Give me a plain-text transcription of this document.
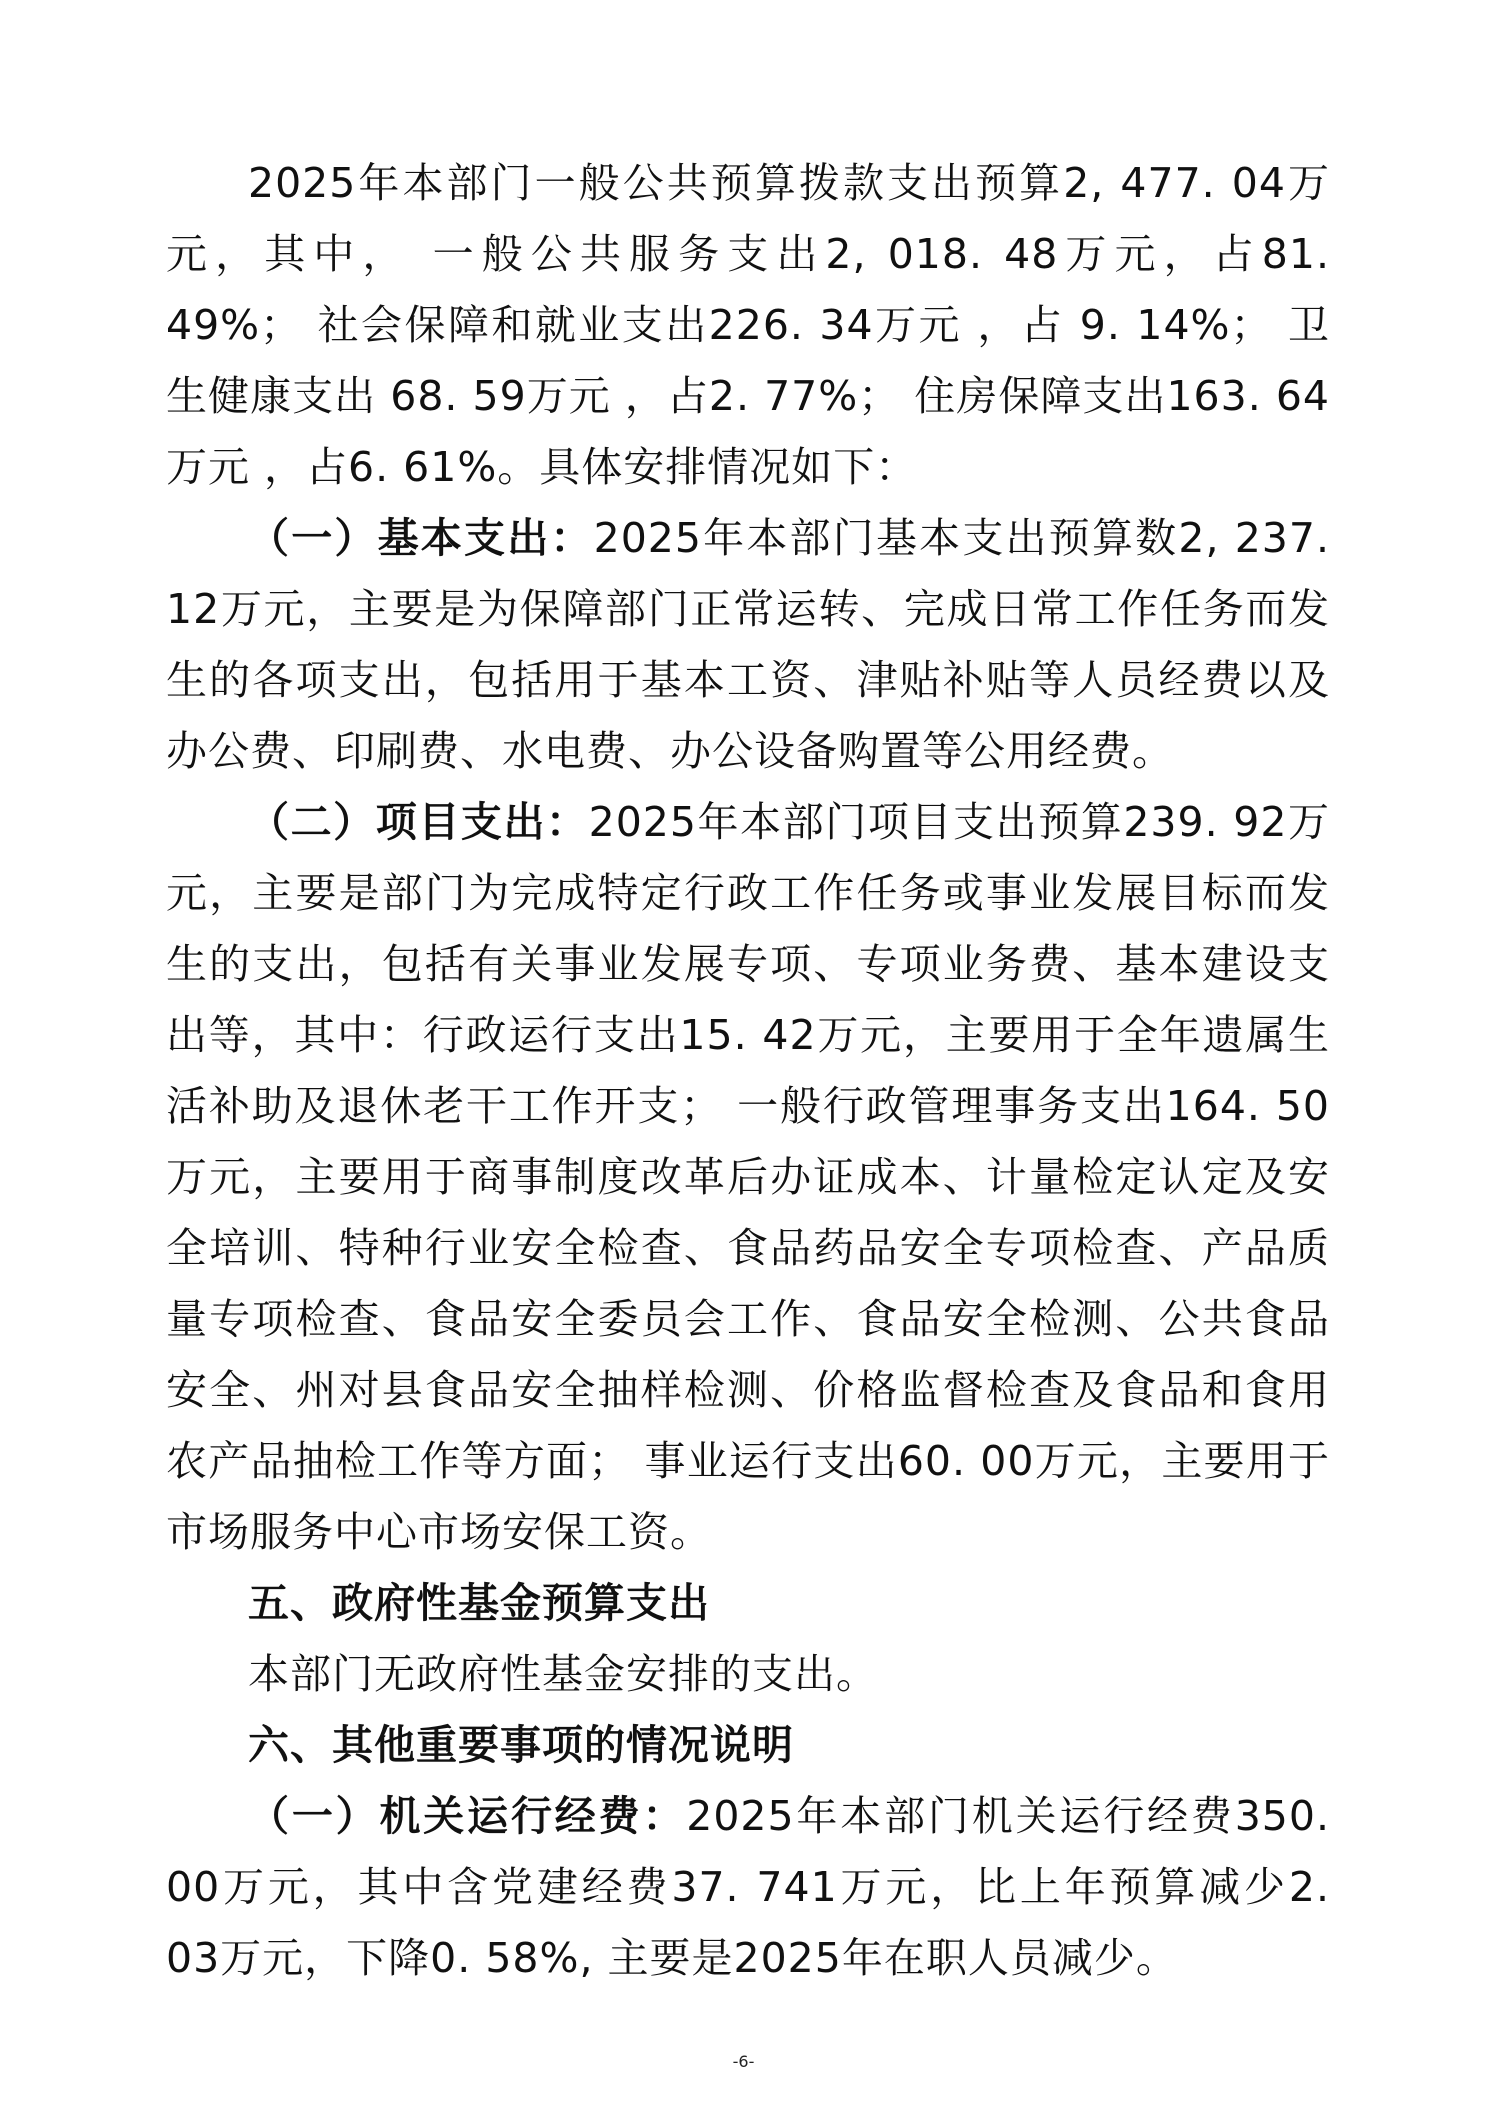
2025年本部门一般公共预算拨款支出预算2, 477. 04万元，其中， 一般公共服务支出2, 018. 48万元，占81. 49%； 社会保障和就业支出226. 34万元 ，占 9. 14%； 卫生健康支出 68. 59万元 ，占2. 77%； 住房保障支出163. 64万元 ，占6. 61%。具体安排情况如下：

（一）基本支出：2025年本部门基本支出预算数2, 237. 12万元，主要是为保障部门正常运转、完成日常工作任务而发生的各项支出，包括用于基本工资、津贴补贴等人员经费以及办公费、印刷费、水电费、办公设备购置等公用经费。

（二）项目支出：2025年本部门项目支出预算239. 92万元，主要是部门为完成特定行政工作任务或事业发展目标而发生的支出，包括有关事业发展专项、专项业务费、基本建设支出等，其中：行政运行支出15. 42万元，主要用于全年遗属生活补助及退休老干工作开支； 一般行政管理事务支出164. 50万元，主要用于商事制度改革后办证成本、计量检定认定及安全培训、特种行业安全检查、食品药品安全专项检查、产品质量专项检查、食品安全委员会工作、食品安全检测、公共食品安全、州对县食品安全抽样检测、价格监督检查及食品和食用农产品抽检工作等方面； 事业运行支出60. 00万元，主要用于市场服务中心市场安保工资。

五、政府性基金预算支出

本部门无政府性基金安排的支出。

六、其他重要事项的情况说明

（一）机关运行经费：2025年本部门机关运行经费350. 00万元，其中含党建经费37. 741万元，比上年预算减少2. 03万元，下降0. 58%, 主要是2025年在职人员减少。

-6-
